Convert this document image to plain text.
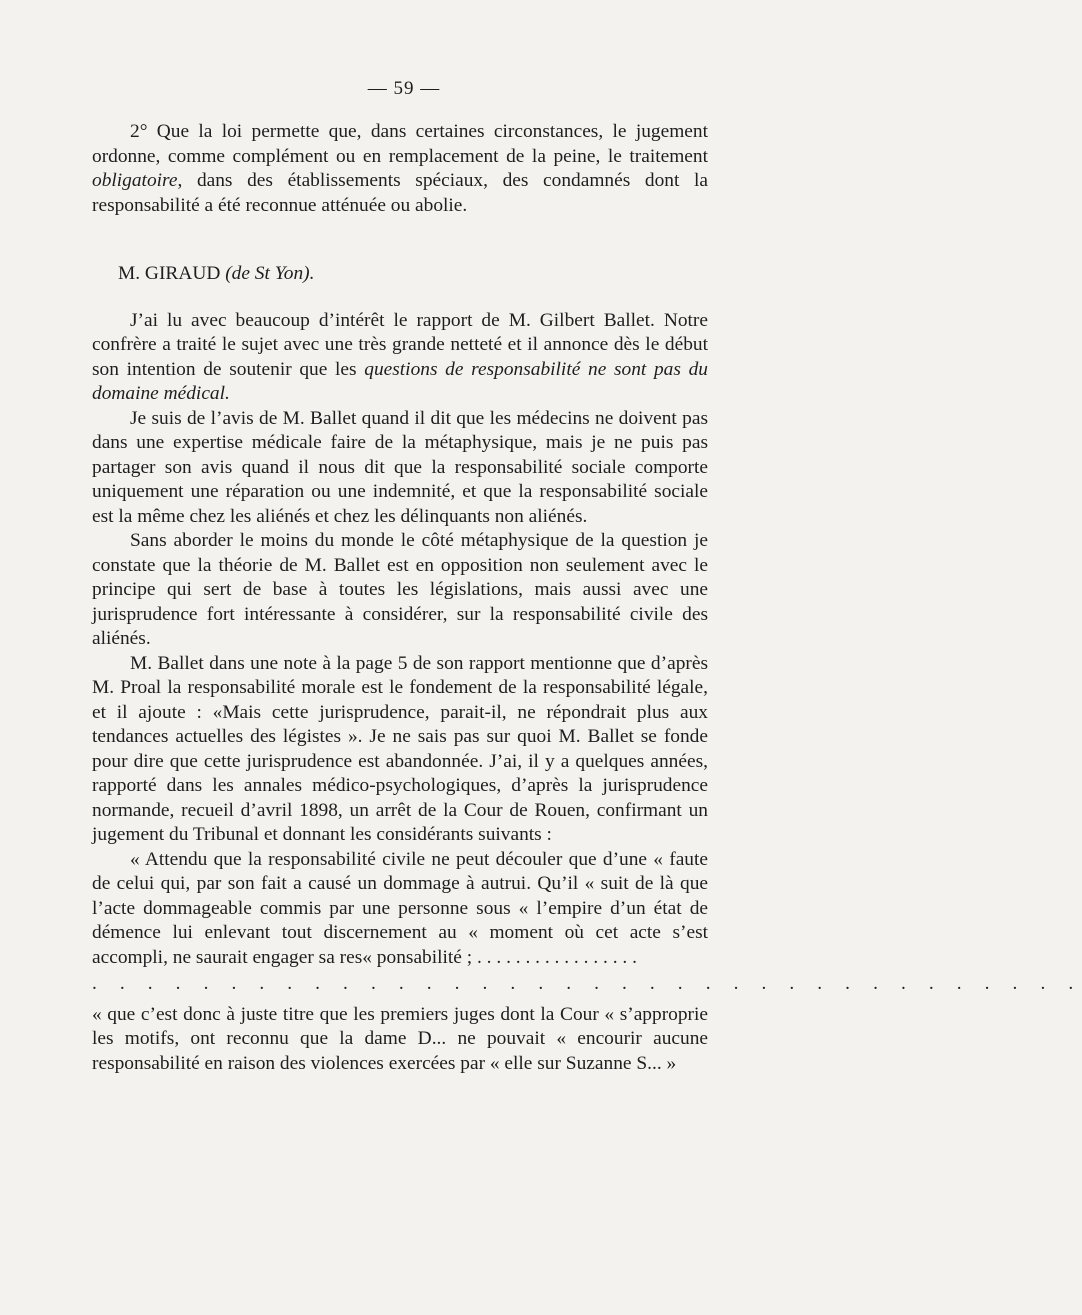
— 59 —

2° Que la loi permette que, dans certaines circonstances, le jugement ordonne, comme complément ou en remplacement de la peine, le traitement obligatoire, dans des établissements spéciaux, des condamnés dont la responsabilité a été reconnue atténuée ou abolie.

M. GIRAUD (de St Yon).

J’ai lu avec beaucoup d’intérêt le rapport de M. Gilbert Ballet. Notre confrère a traité le sujet avec une très grande netteté et il annonce dès le début son intention de soutenir que les questions de responsabilité ne sont pas du domaine médical.

Je suis de l’avis de M. Ballet quand il dit que les médecins ne doivent pas dans une expertise médicale faire de la métaphysique, mais je ne puis pas partager son avis quand il nous dit que la responsabilité sociale comporte uniquement une réparation ou une indemnité, et que la responsabilité sociale est la même chez les aliénés et chez les délinquants non aliénés.

Sans aborder le moins du monde le côté métaphysique de la question je constate que la théorie de M. Ballet est en opposition non seulement avec le principe qui sert de base à toutes les législations, mais aussi avec une jurisprudence fort intéressante à considérer, sur la responsabilité civile des aliénés.

M. Ballet dans une note à la page 5 de son rapport mentionne que d’après M. Proal la responsabilité morale est le fondement de la responsabilité légale, et il ajoute : «Mais cette jurisprudence, parait-il, ne répondrait plus aux tendances actuelles des légistes ». Je ne sais pas sur quoi M. Ballet se fonde pour dire que cette jurisprudence est abandonnée. J’ai, il y a quelques années, rapporté dans les annales médico-psychologiques, d’après la jurisprudence normande, recueil d’avril 1898, un arrêt de la Cour de Rouen, confirmant un jugement du Tribunal et donnant les considérants suivants :

« Attendu que la responsabilité civile ne peut découler que d’une « faute de celui qui, par son fait a causé un dommage à autrui. Qu’il « suit de là que l’acte dommageable commis par une personne sous « l’empire d’un état de démence lui enlevant tout discernement au « moment où cet acte s’est accompli, ne saurait engager sa res« ponsabilité ; . . . . . . . . . . . . . . . . .

. . . . . . . . . . . . . . . . . . . . . . . . . . . . . . . . . . . .

« que c’est donc à juste titre que les premiers juges dont la Cour « s’approprie les motifs, ont reconnu que la dame D... ne pouvait « encourir aucune responsabilité en raison des violences exercées par « elle sur Suzanne S... »
